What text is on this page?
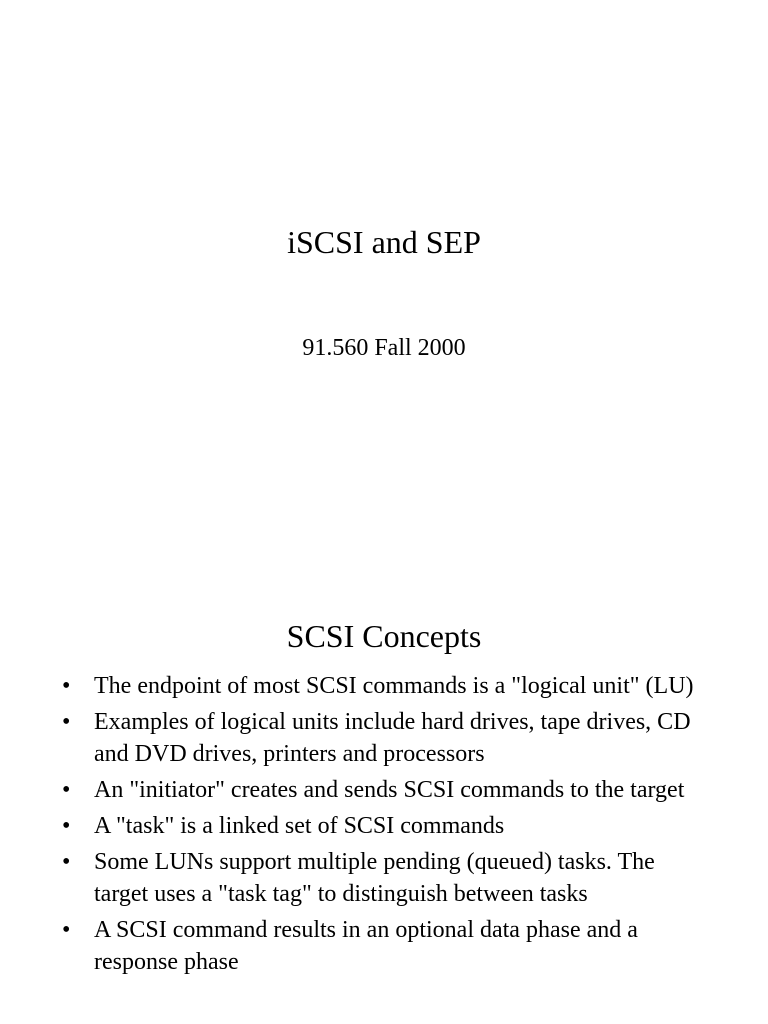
iSCSI and SEP
91.560 Fall 2000
SCSI Concepts
• The endpoint of most SCSI commands is a "logical unit" (LU)
• Examples of logical units include hard drives, tape drives, CD and DVD drives, printers and processors
• An "initiator" creates and sends SCSI commands to the target
• A "task" is a linked set of SCSI commands
• Some LUNs support multiple pending (queued) tasks. The target uses a "task tag" to distinguish between tasks
• A SCSI command results in an optional data phase and a response phase
